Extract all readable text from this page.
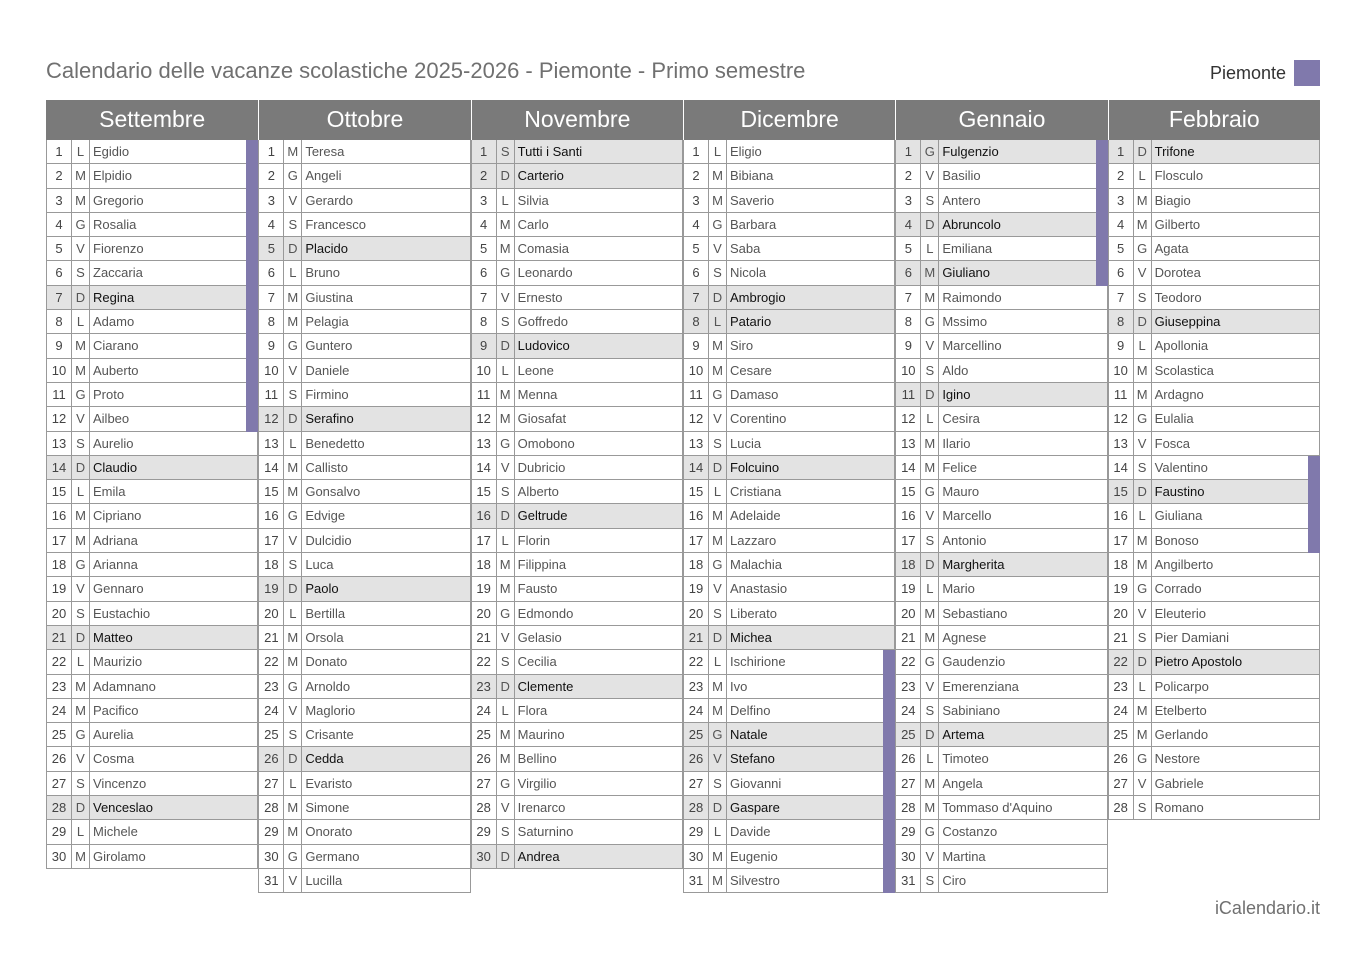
Calendario delle vacanze scolastiche 2025-2026 - Piemonte - Primo semestre	Piemonte
Settembre
1	L Egidio
2 M Elpidio
3 M Gregorio
4 G Rosalia
5	V Fiorenzo
6	S Zaccaria
7	D Regina
8	L Adamo
9 M Ciarano
10 M Auberto
11 G Proto
12 V Ailbeo
13 S Aurelio
14 D Claudio
15 L Emila
16 M Cipriano
17 M Adriana
18 G Arianna
19 V Gennaro
20 S Eustachio
21 D Matteo
22 L Maurizio
23 M Adamnano
24 M Pacifico
25 G Aurelia
26 V Cosma
27 S Vincenzo
28 D Venceslao
29 L Michele
30 M Girolamo
Ottobre
1 M Teresa
2 G Angeli
3	V Gerardo
4	S Francesco
5	D Placido
6	L Bruno
7 M Giustina
8 M Pelagia
9 G Guntero
10 V Daniele
11 S Firmino
12 D Serafino
13 L Benedetto
14 M Callisto
15 M Gonsalvo
16 G Edvige
17 V Dulcidio
18 S Luca
19 D Paolo
20 L Bertilla
21 M Orsola
22 M Donato
23 G Arnoldo
24 V Maglorio
25 S Crisante
26 D Cedda
27 L Evaristo
28 M Simone
29 M Onorato
30 G Germano
31 V Lucilla
Novembre
1	S Tutti i Santi
2	D Carterio
3	L Silvia
4 M Carlo
5 M Comasia
6 G Leonardo
7	V Ernesto
8	S Goffredo
9	D Ludovico
10 L Leone
11 M Menna
12 M Giosafat
13 G Omobono
14 V Dubricio
15 S Alberto
16 D Geltrude
17 L Florin
18 M Filippina
19 M Fausto
20 G Edmondo
21 V Gelasio
22 S Cecilia
23 D Clemente
24 L Flora
25 M Maurino
26 M Bellino
27 G Virgilio
28 V Irenarco
29 S Saturnino
30 D Andrea
Dicembre
1	L Eligio
2 M Bibiana
3 M Saverio
4 G Barbara
5	V Saba
6	S Nicola
7	D Ambrogio
8	L Patario
9 M Siro
10 M Cesare
11 G Damaso
12 V Corentino
13 S Lucia
14 D Folcuino
15 L Cristiana
16 M Adelaide
17 M Lazzaro
18 G Malachia
19 V Anastasio
20 S Liberato
21 D Michea
22 L Ischirione
23 M Ivo
24 M Delfino
25 G Natale
26 V Stefano
27 S Giovanni
28 D Gaspare
29 L Davide
30 M Eugenio
31 M Silvestro
Gennaio
1 G Fulgenzio
2	V Basilio
3	S Antero
4	D Abruncolo
5	L Emiliana
6 M Giuliano
7 M Raimondo
8 G Mssimo
9	V Marcellino
10 S Aldo
11 D Igino
12 L Cesira
13 M Ilario
14 M Felice
15 G Mauro
16 V Marcello
17 S Antonio
18 D Margherita
19 L Mario
20 M Sebastiano
21 M Agnese
22 G Gaudenzio
23 V Emerenziana
24 S Sabiniano
25 D Artema
26 L Timoteo
27 M Angela
28 M Tommaso d'Aquino
29 G Costanzo
30 V Martina
31 S Ciro
Febbraio
1	D Trifone
2	L Flosculo
3 M Biagio
4 M Gilberto
5 G Agata
6	V Dorotea
7	S Teodoro
8	D Giuseppina
9	L Apollonia
10 M Scolastica
11 M Ardagno
12 G Eulalia
13 V Fosca
14 S Valentino
15 D Faustino
16 L Giuliana
17 M Bonoso
18 M Angilberto
19 G Corrado
20 V Eleuterio
21 S Pier Damiani
22 D Pietro Apostolo
23 L Policarpo
24 M Etelberto
25 M Gerlando
26 G Nestore
27 V Gabriele
28 S Romano
iCalendario.it
